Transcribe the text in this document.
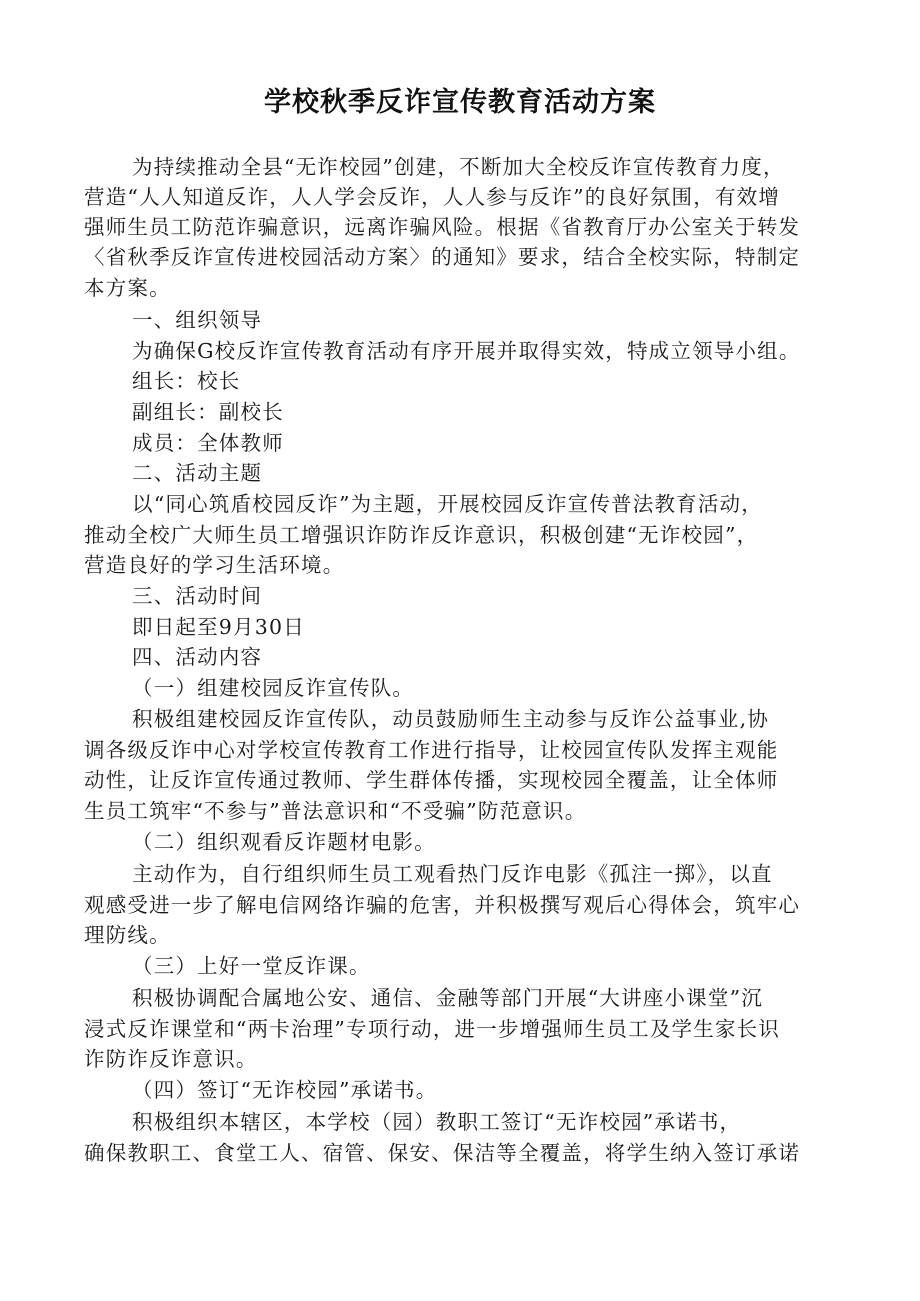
学校秋季反诈宣传教育活动方案
为持续推动全县“无诈校园”创建，不断加大全校反诈宣传教育力度，
营造“人人知道反诈，人人学会反诈，人人参与反诈”的良好氛围，有效增
强师生员工防范诈骗意识，远离诈骗风险。根据《省教育厅办公室关于转发
〈省秋季反诈宣传进校园活动方案〉的通知》要求，结合全校实际，特制定
本方案。
一、组织领导
为确保G校反诈宣传教育活动有序开展并取得实效，特成立领导小组。
组长：校长
副组长：副校长
成员：全体教师
二、活动主题
以“同心筑盾校园反诈”为主题，开展校园反诈宣传普法教育活动，
推动全校广大师生员工增强识诈防诈反诈意识，积极创建“无诈校园”，
营造良好的学习生活环境。
三、活动时间
即日起至9月30日
四、活动内容
（一）组建校园反诈宣传队。
积极组建校园反诈宣传队，动员鼓励师生主动参与反诈公益事业,协
调各级反诈中心对学校宣传教育工作进行指导，让校园宣传队发挥主观能
动性，让反诈宣传通过教师、学生群体传播，实现校园全覆盖，让全体师
生员工筑牢“不参与”普法意识和“不受骗”防范意识。
（二）组织观看反诈题材电影。
主动作为，自行组织师生员工观看热门反诈电影《孤注一掷》，以直
观感受进一步了解电信网络诈骗的危害，并积极撰写观后心得体会，筑牢心
理防线。
（三）上好一堂反诈课。
积极协调配合属地公安、通信、金融等部门开展“大讲座小课堂”沉
浸式反诈课堂和“两卡治理”专项行动，进一步增强师生员工及学生家长识
诈防诈反诈意识。
（四）签订“无诈校园”承诺书。
积极组织本辖区，本学校（园）教职工签订“无诈校园”承诺书，
确保教职工、食堂工人、宿管、保安、保洁等全覆盖，将学生纳入签订承诺
